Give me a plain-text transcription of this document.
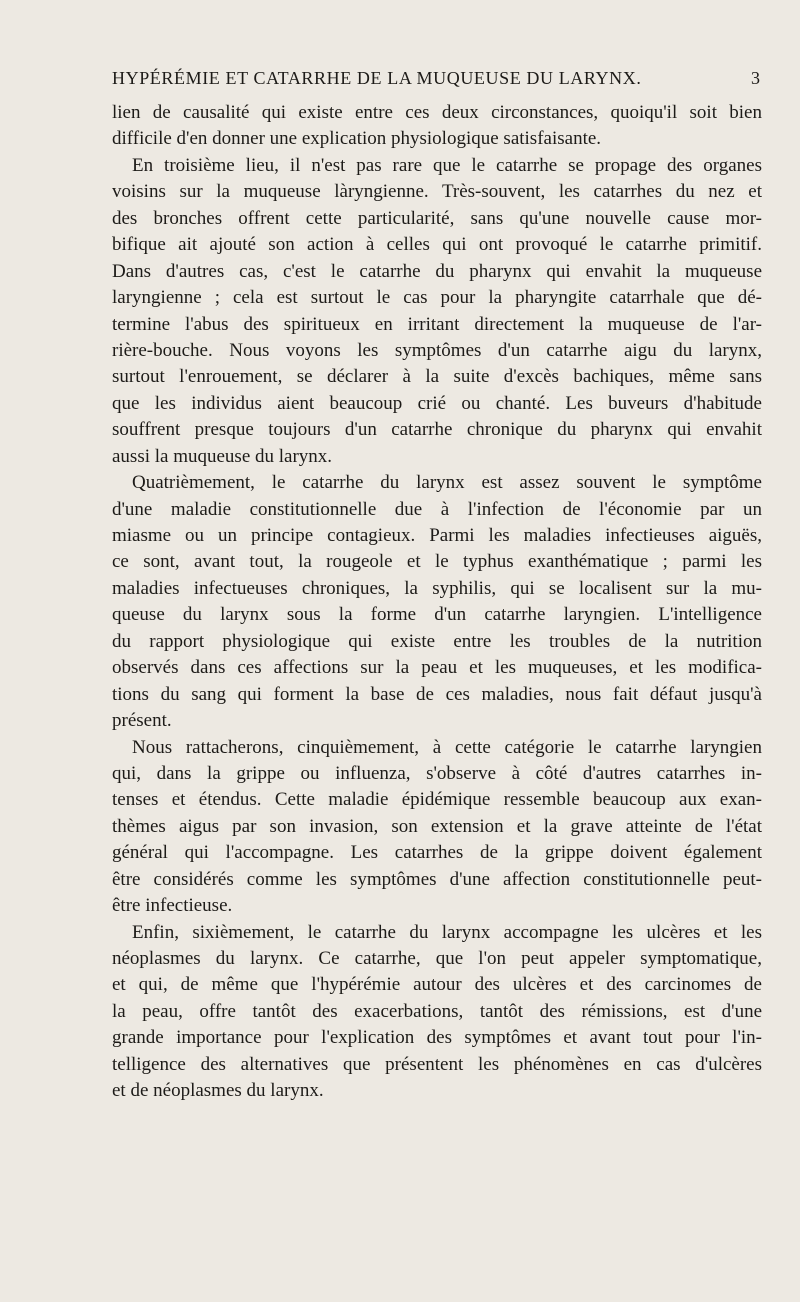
HYPÉRÉMIE ET CATARRHE DE LA MUQUEUSE DU LARYNX.	3
lien de causalité qui existe entre ces deux circonstances, quoiqu'il soit bien
difficile d'en donner une explication physiologique satisfaisante.
En troisième lieu, il n'est pas rare que le catarrhe se propage des organes
voisins sur la muqueuse làryngienne. Très-souvent, les catarrhes du nez et
des bronches offrent cette particularité, sans qu'une nouvelle cause mor-
bifique ait ajouté son action à celles qui ont provoqué le catarrhe primitif.
Dans d'autres cas, c'est le catarrhe du pharynx qui envahit la muqueuse
laryngienne ; cela est surtout le cas pour la pharyngite catarrhale que dé-
termine l'abus des spiritueux en irritant directement la muqueuse de l'ar-
rière-bouche. Nous voyons les symptômes d'un catarrhe aigu du larynx,
surtout l'enrouement, se déclarer à la suite d'excès bachiques, même sans
que les individus aient beaucoup crié ou chanté. Les buveurs d'habitude
souffrent presque toujours d'un catarrhe chronique du pharynx qui envahit
aussi la muqueuse du larynx.
Quatrièmement, le catarrhe du larynx est assez souvent le symptôme
d'une maladie constitutionnelle due à l'infection de l'économie par un
miasme ou un principe contagieux. Parmi les maladies infectieuses aiguës,
ce sont, avant tout, la rougeole et le typhus exanthématique ; parmi les
maladies infectueuses chroniques, la syphilis, qui se localisent sur la mu-
queuse du larynx sous la forme d'un catarrhe laryngien. L'intelligence
du rapport physiologique qui existe entre les troubles de la nutrition
observés dans ces affections sur la peau et les muqueuses, et les modifica-
tions du sang qui forment la base de ces maladies, nous fait défaut jusqu'à
présent.
Nous rattacherons, cinquièmement, à cette catégorie le catarrhe laryngien
qui, dans la grippe ou influenza, s'observe à côté d'autres catarrhes in-
tenses et étendus. Cette maladie épidémique ressemble beaucoup aux exan-
thèmes aigus par son invasion, son extension et la grave atteinte de l'état
général qui l'accompagne. Les catarrhes de la grippe doivent également
être considérés comme les symptômes d'une affection constitutionnelle peut-
être infectieuse.
Enfin, sixièmement, le catarrhe du larynx accompagne les ulcères et les
néoplasmes du larynx. Ce catarrhe, que l'on peut appeler symptomatique,
et qui, de même que l'hypérémie autour des ulcères et des carcinomes de
la peau, offre tantôt des exacerbations, tantôt des rémissions, est d'une
grande importance pour l'explication des symptômes et avant tout pour l'in-
telligence des alternatives que présentent les phénomènes en cas d'ulcères
et de néoplasmes du larynx.
